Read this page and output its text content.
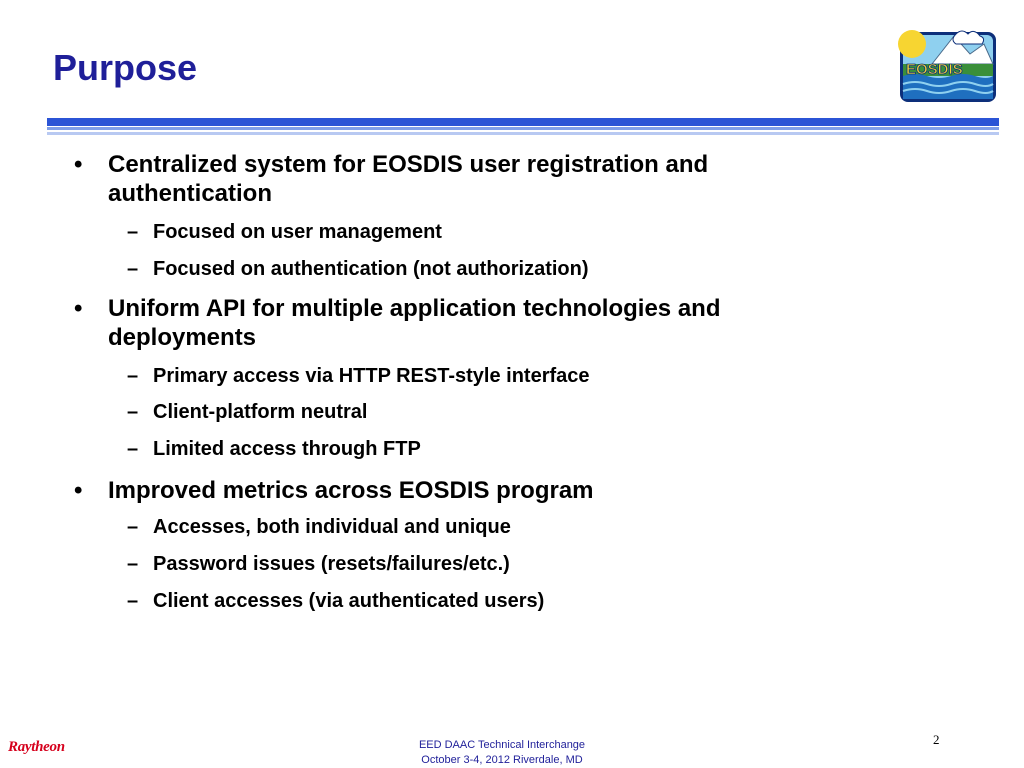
Purpose	EOSDIS
•	Centralized system for EOSDIS user registration and authentication
– Focused on user management
– Focused on authentication (not authorization)
•	Uniform API for multiple application technologies and deployments
– Primary access via HTTP REST-style interface
– Client-platform neutral
– Limited access through FTP
•	Improved metrics across EOSDIS program
– Accesses, both individual and unique
– Password issues (resets/failures/etc.)
– Client accesses (via authenticated users)
2
Raytheon	EED DAAC Technical Interchange
October 3-4, 2012 Riverdale, MD
